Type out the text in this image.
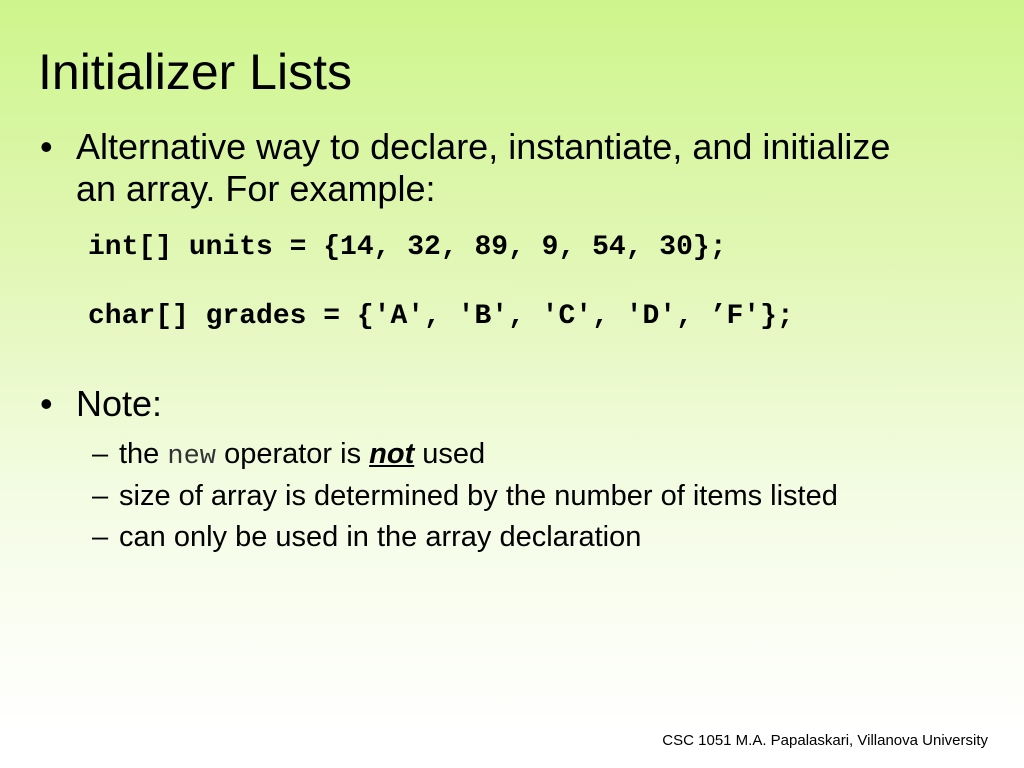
Initializer Lists
• Alternative way to declare, instantiate, and initialize
an array. For example:
int[] units = {14, 32, 89, 9, 54, 30};
char[] grades = {'A', 'B', 'C', 'D', ’F'};
• Note:
– the new operator is not used
– size of array is determined by the number of items listed
– can only be used in the array declaration
CSC 1051 M.A. Papalaskari, Villanova University
